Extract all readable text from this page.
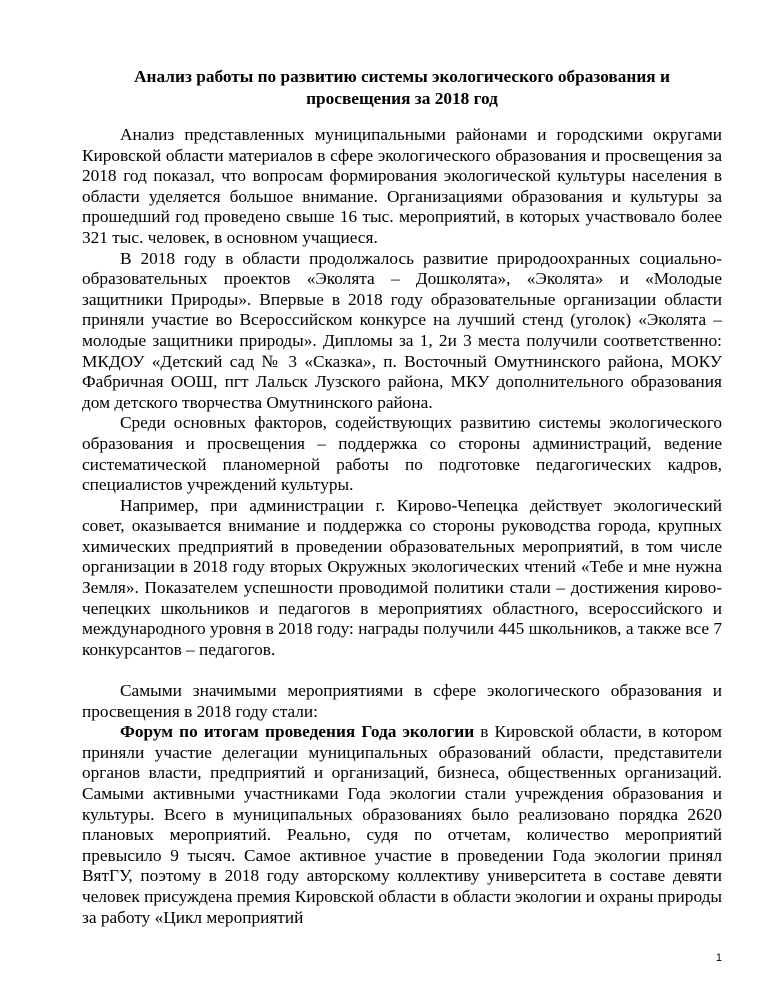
Анализ работы по развитию системы экологического образования и
просвещения за 2018 год

Анализ представленных муниципальными районами и городскими округами Кировской области материалов в сфере экологического образования и просвещения за 2018 год показал, что вопросам формирования экологической культуры населения в области уделяется большое внимание. Организациями образования и культуры за прошедший год проведено свыше 16 тыс. мероприятий, в которых участвовало более 321 тыс. человек, в основном учащиеся.

В 2018 году в области продолжалось развитие природоохранных социально-образовательных проектов «Эколята – Дошколята», «Эколята» и «Молодые защитники Природы». Впервые в 2018 году образовательные организации области приняли участие во Всероссийском конкурсе на лучший стенд (уголок) «Эколята – молодые защитники природы». Дипломы за 1, 2и 3 места получили соответственно: МКДОУ «Детский сад № 3 «Сказка», п. Восточный Омутнинского района, МОКУ Фабричная ООШ, пгт Лальск Лузского района, МКУ дополнительного образования дом детского творчества Омутнинского района.

Среди основных факторов, содействующих развитию системы экологического образования и просвещения – поддержка со стороны администраций, ведение систематической планомерной работы по подготовке педагогических кадров, специалистов учреждений культуры.

Например, при администрации г. Кирово-Чепецка действует экологический совет, оказывается внимание и поддержка со стороны руководства города, крупных химических предприятий в проведении образовательных мероприятий, в том числе организации в 2018 году вторых Окружных экологических чтений «Тебе и мне нужна Земля». Показателем успешности проводимой политики стали – достижения кирово-чепецких школьников и педагогов в мероприятиях областного, всероссийского и международного уровня в 2018 году: награды получили 445 школьников, а также все 7 конкурсантов – педагогов.

Самыми значимыми мероприятиями в сфере экологического образования и просвещения в 2018 году стали:

Форум по итогам проведения Года экологии в Кировской области, в котором приняли участие делегации муниципальных образований области, представители органов власти, предприятий и организаций, бизнеса, общественных организаций. Самыми активными участниками Года экологии стали учреждения образования и культуры. Всего в муниципальных образованиях было реализовано порядка 2620 плановых мероприятий. Реально, судя по отчетам, количество мероприятий превысило 9 тысяч. Самое активное участие в проведении Года экологии принял ВятГУ, поэтому в 2018 году авторскому коллективу университета в составе девяти человек присуждена премия Кировской области в области экологии и охраны природы за работу «Цикл мероприятий

1
